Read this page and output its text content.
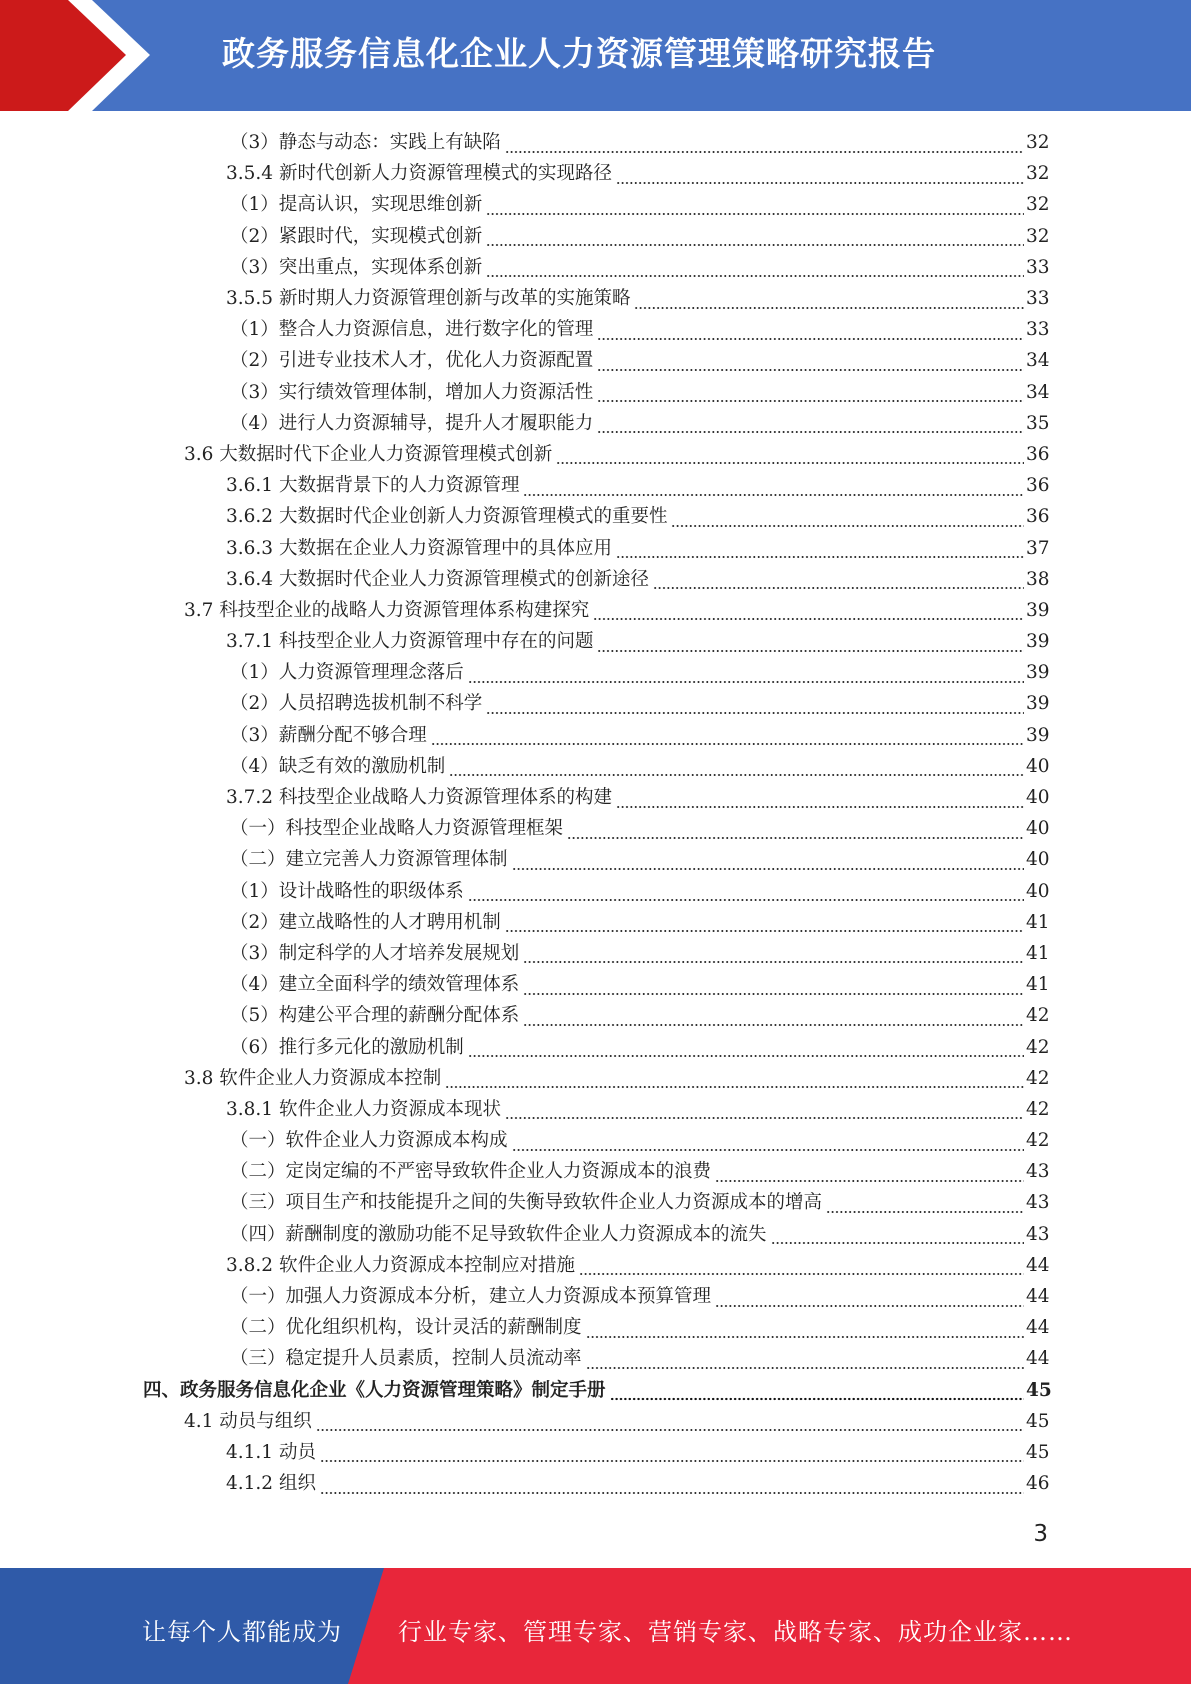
政务服务信息化企业人力资源管理策略研究报告
（3）静态与动态：实践上有缺陷	32
3.5.4 新时代创新人力资源管理模式的实现路径	32
（1）提高认识，实现思维创新	32
（2）紧跟时代，实现模式创新	32
（3）突出重点，实现体系创新	33
3.5.5 新时期人力资源管理创新与改革的实施策略	33
（1）整合人力资源信息，进行数字化的管理	33
（2）引进专业技术人才，优化人力资源配置	34
（3）实行绩效管理体制，增加人力资源活性	34
（4）进行人力资源辅导，提升人才履职能力	35
3.6 大数据时代下企业人力资源管理模式创新	36
3.6.1 大数据背景下的人力资源管理	36
3.6.2 大数据时代企业创新人力资源管理模式的重要性	36
3.6.3 大数据在企业人力资源管理中的具体应用	37
3.6.4 大数据时代企业人力资源管理模式的创新途径	38
3.7 科技型企业的战略人力资源管理体系构建探究	39
3.7.1 科技型企业人力资源管理中存在的问题	39
（1）人力资源管理理念落后	39
（2）人员招聘选拔机制不科学	39
（3）薪酬分配不够合理	39
（4）缺乏有效的激励机制	40
3.7.2 科技型企业战略人力资源管理体系的构建	40
（一）科技型企业战略人力资源管理框架	40
（二）建立完善人力资源管理体制	40
（1）设计战略性的职级体系	40
（2）建立战略性的人才聘用机制	41
（3）制定科学的人才培养发展规划	41
（4）建立全面科学的绩效管理体系	41
（5）构建公平合理的薪酬分配体系	42
（6）推行多元化的激励机制	42
3.8 软件企业人力资源成本控制	42
3.8.1 软件企业人力资源成本现状	42
（一）软件企业人力资源成本构成	42
（二）定岗定编的不严密导致软件企业人力资源成本的浪费	43
（三）项目生产和技能提升之间的失衡导致软件企业人力资源成本的增高	43
（四）薪酬制度的激励功能不足导致软件企业人力资源成本的流失	43
3.8.2 软件企业人力资源成本控制应对措施	44
（一）加强人力资源成本分析，建立人力资源成本预算管理	44
（二）优化组织机构，设计灵活的薪酬制度	44
（三）稳定提升人员素质，控制人员流动率	44
四、政务服务信息化企业《人力资源管理策略》制定手册	45
4.1 动员与组织	45
4.1.1 动员	45
4.1.2 组织	46
3
让每个人都能成为 行业专家、管理专家、营销专家、战略专家、成功企业家……
